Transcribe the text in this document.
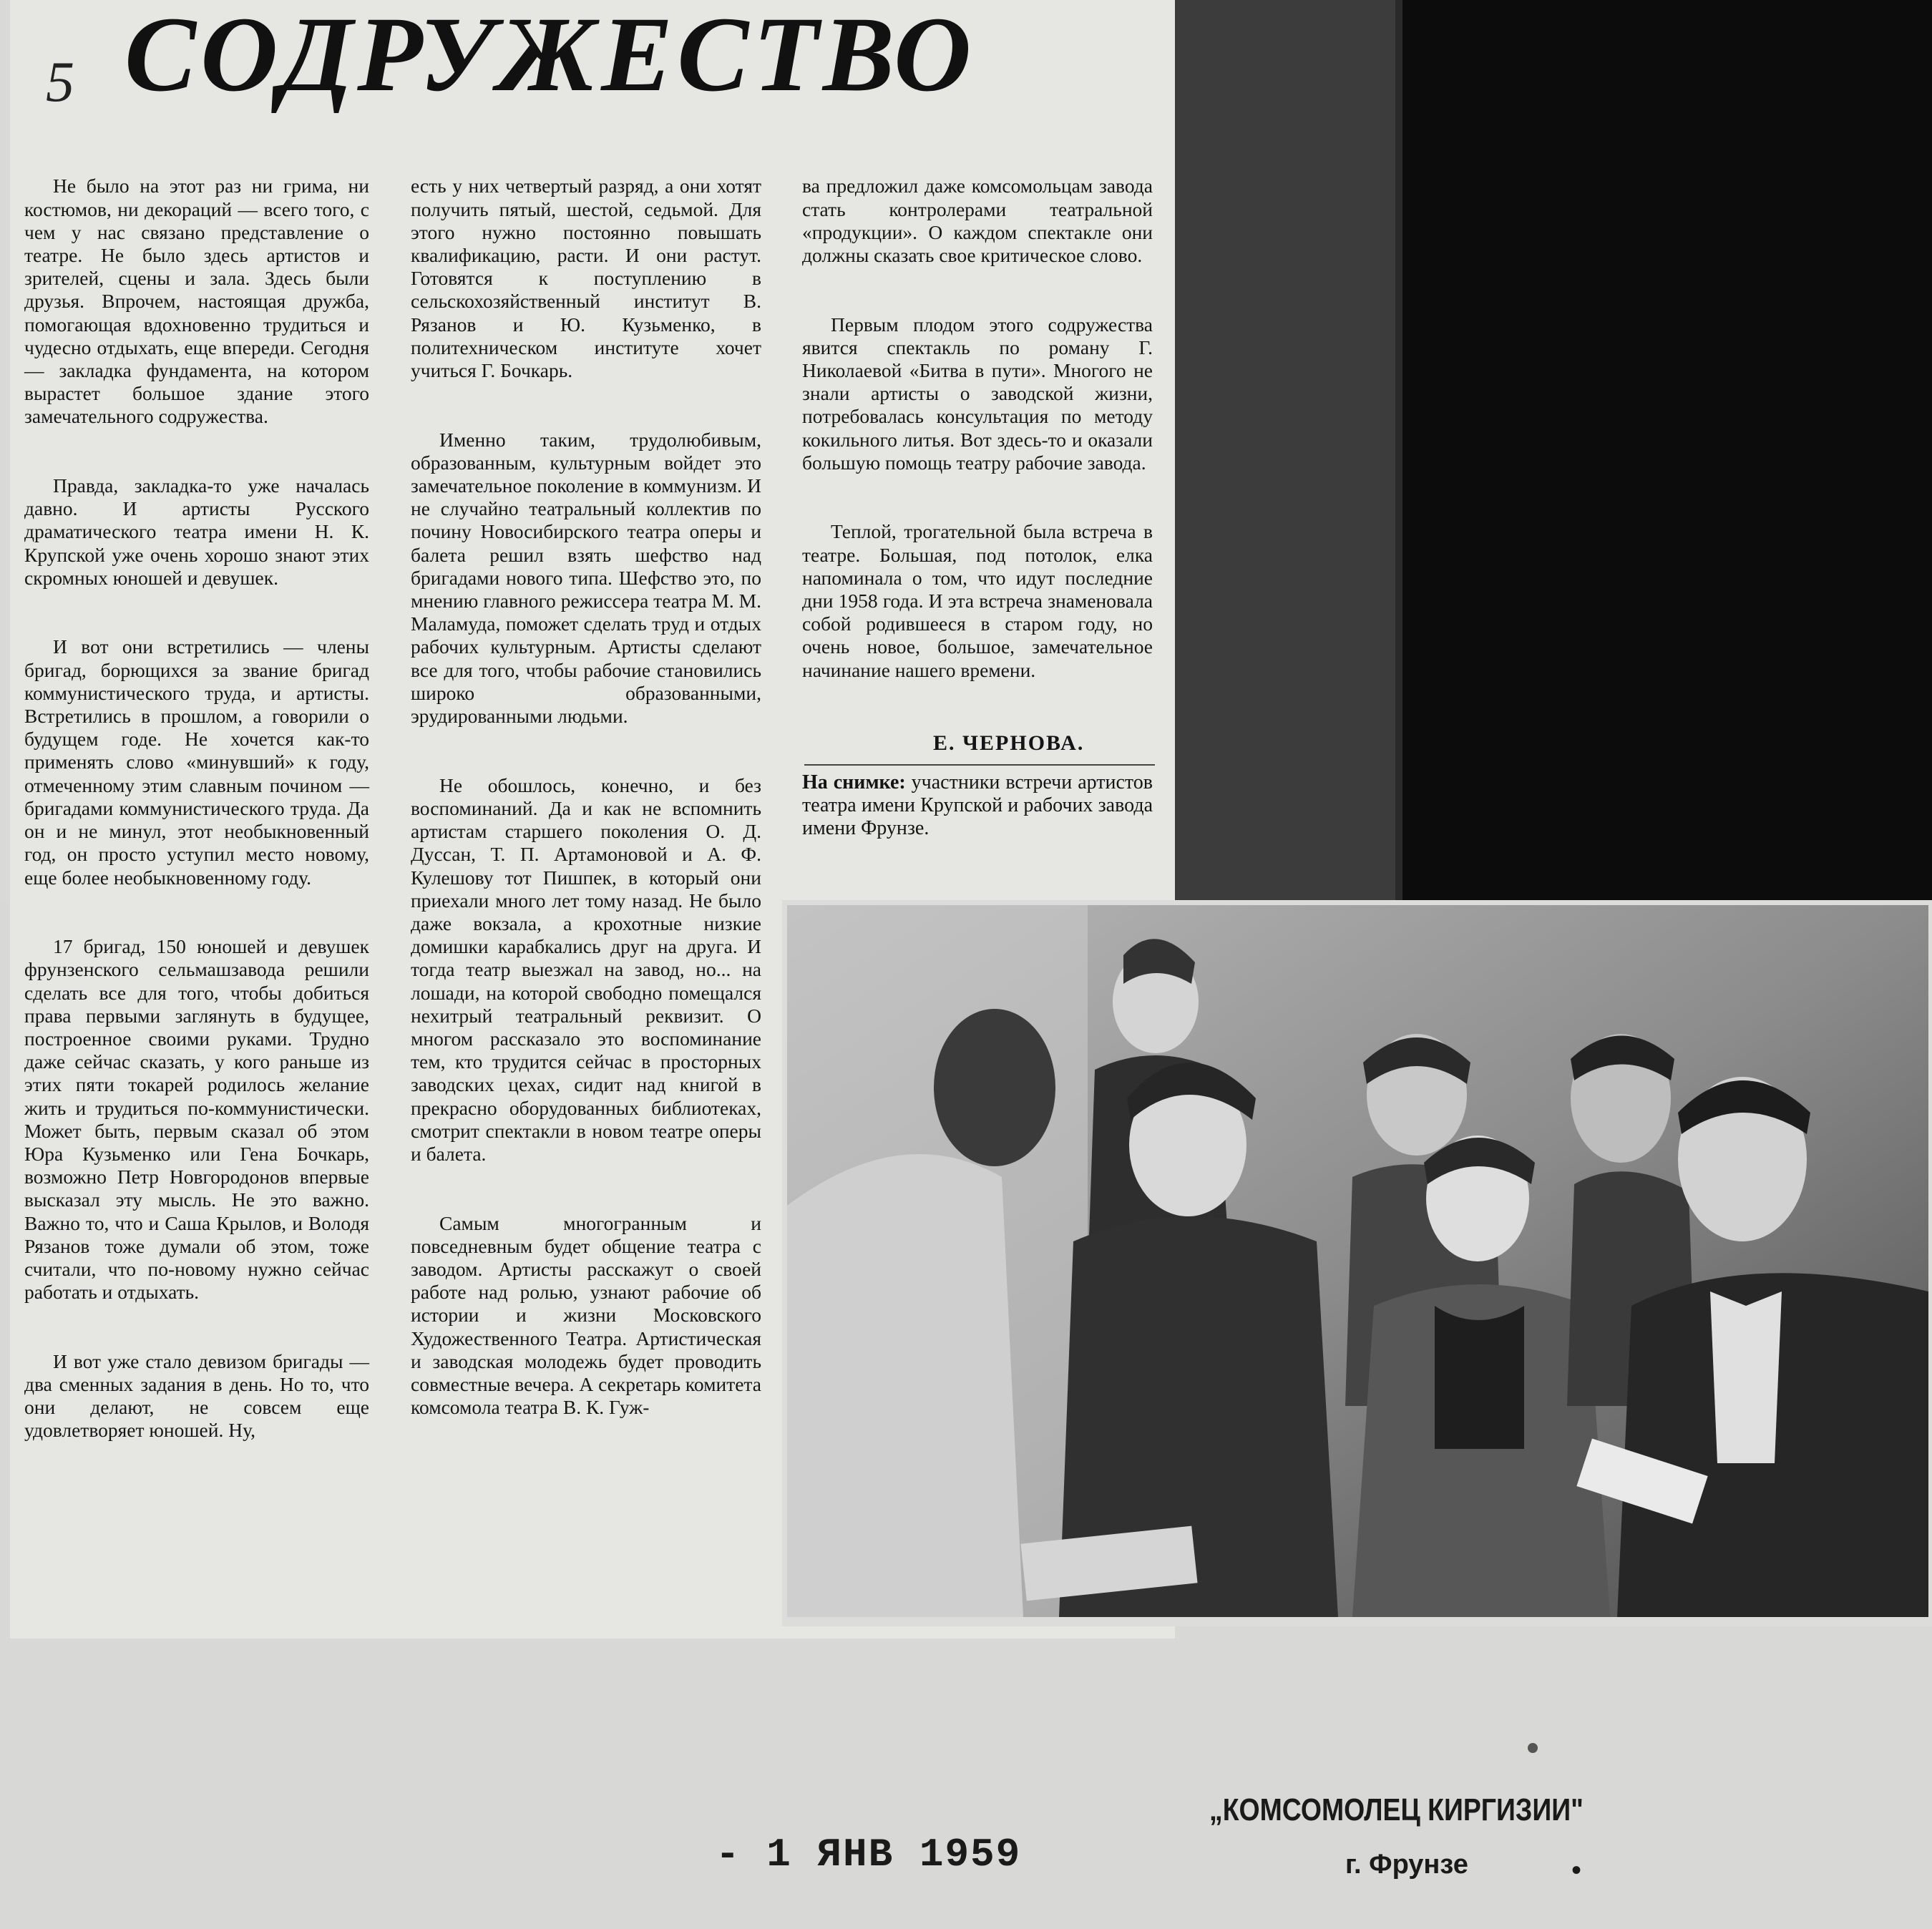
5 СОДРУЖЕСТВО

Не было на этот раз ни грима, ни костюмов, ни декораций — всего того, с чем у нас связано представление о театре. Не было здесь артистов и зрителей, сцены и зала. Здесь были друзья. Впрочем, настоящая дружба, помогающая вдохновенно трудиться и чудесно отдыхать, еще впереди. Сегодня — закладка фундамента, на котором вырастет большое здание этого замечательного содружества.

Правда, закладка-то уже началась давно. И артисты Русского драматического театра имени Н. К. Крупской уже очень хорошо знают этих скромных юношей и девушек.

И вот они встретились — члены бригад, борющихся за звание бригад коммунистического труда, и артисты. Встретились в прошлом, а говорили о будущем годе. Не хочется как-то применять слово «минувший» к году, отмеченному этим славным почином — бригадами коммунистического труда. Да он и не минул, этот необыкновенный год, он просто уступил место новому, еще более необыкновенному году.

17 бригад, 150 юношей и девушек фрунзенского сельмашзавода решили сделать все для того, чтобы добиться права первыми заглянуть в будущее, построенное своими руками. Трудно даже сейчас сказать, у кого раньше из этих пяти токарей родилось желание жить и трудиться по-коммунистически. Может быть, первым сказал об этом Юра Кузьменко или Гена Бочкарь, возможно Петр Новгородонов впервые высказал эту мысль. Не это важно. Важно то, что и Саша Крылов, и Володя Рязанов тоже думали об этом, тоже считали, что по-новому нужно сейчас работать и отдыхать.

И вот уже стало девизом бригады — два сменных задания в день. Но то, что они делают, не совсем еще удовлетворяет юношей. Ну,

есть у них четвертый разряд, а они хотят получить пятый, шестой, седьмой. Для этого нужно постоянно повышать квалификацию, расти. И они растут. Готовятся к поступлению в сельскохозяйственный институт В. Рязанов и Ю. Кузьменко, в политехническом институте хочет учиться Г. Бочкарь.

Именно таким, трудолюбивым, образованным, культурным войдет это замечательное поколение в коммунизм. И не случайно театральный коллектив по почину Новосибирского театра оперы и балета решил взять шефство над бригадами нового типа. Шефство это, по мнению главного режиссера театра М. М. Маламуда, поможет сделать труд и отдых рабочих культурным. Артисты сделают все для того, чтобы рабочие становились широко образованными, эрудированными людьми.

Не обошлось, конечно, и без воспоминаний. Да и как не вспомнить артистам старшего поколения О. Д. Дуссан, Т. П. Артамоновой и А. Ф. Кулешову тот Пишпек, в который они приехали много лет тому назад. Не было даже вокзала, а крохотные низкие домишки карабкались друг на друга. И тогда театр выезжал на завод, но... на лошади, на которой свободно помещался нехитрый театральный реквизит. О многом рассказало это воспоминание тем, кто трудится сейчас в просторных заводских цехах, сидит над книгой в прекрасно оборудованных библиотеках, смотрит спектакли в новом театре оперы и балета.

Самым многогранным и повседневным будет общение театра с заводом. Артисты расскажут о своей работе над ролью, узнают рабочие об истории и жизни Московского Художественного Театра. Артистическая и заводская молодежь будет проводить совместные вечера. А секретарь комитета комсомола театра В. К. Гуж-

ва предложил даже комсомольцам завода стать контролерами театральной «продукции». О каждом спектакле они должны сказать свое критическое слово.

Первым плодом этого содружества явится спектакль по роману Г. Николаевой «Битва в пути». Многого не знали артисты о заводской жизни, потребовалась консультация по методу кокильного литья. Вот здесь-то и оказали большую помощь театру рабочие завода.

Теплой, трогательной была встреча в театре. Большая, под потолок, елка напоминала о том, что идут последние дни 1958 года. И эта встреча знаменовала собой родившееся в старом году, но очень новое, большое, замечательное начинание нашего времени.

Е. ЧЕРНОВА.
На снимке: участники встречи артистов театра имени Крупской и рабочих завода имени Фрунзе.
- 1 ЯНВ 1959
„КОМСОМОЛЕЦ КИРГИЗИИ"
г. Фрунзе	•
